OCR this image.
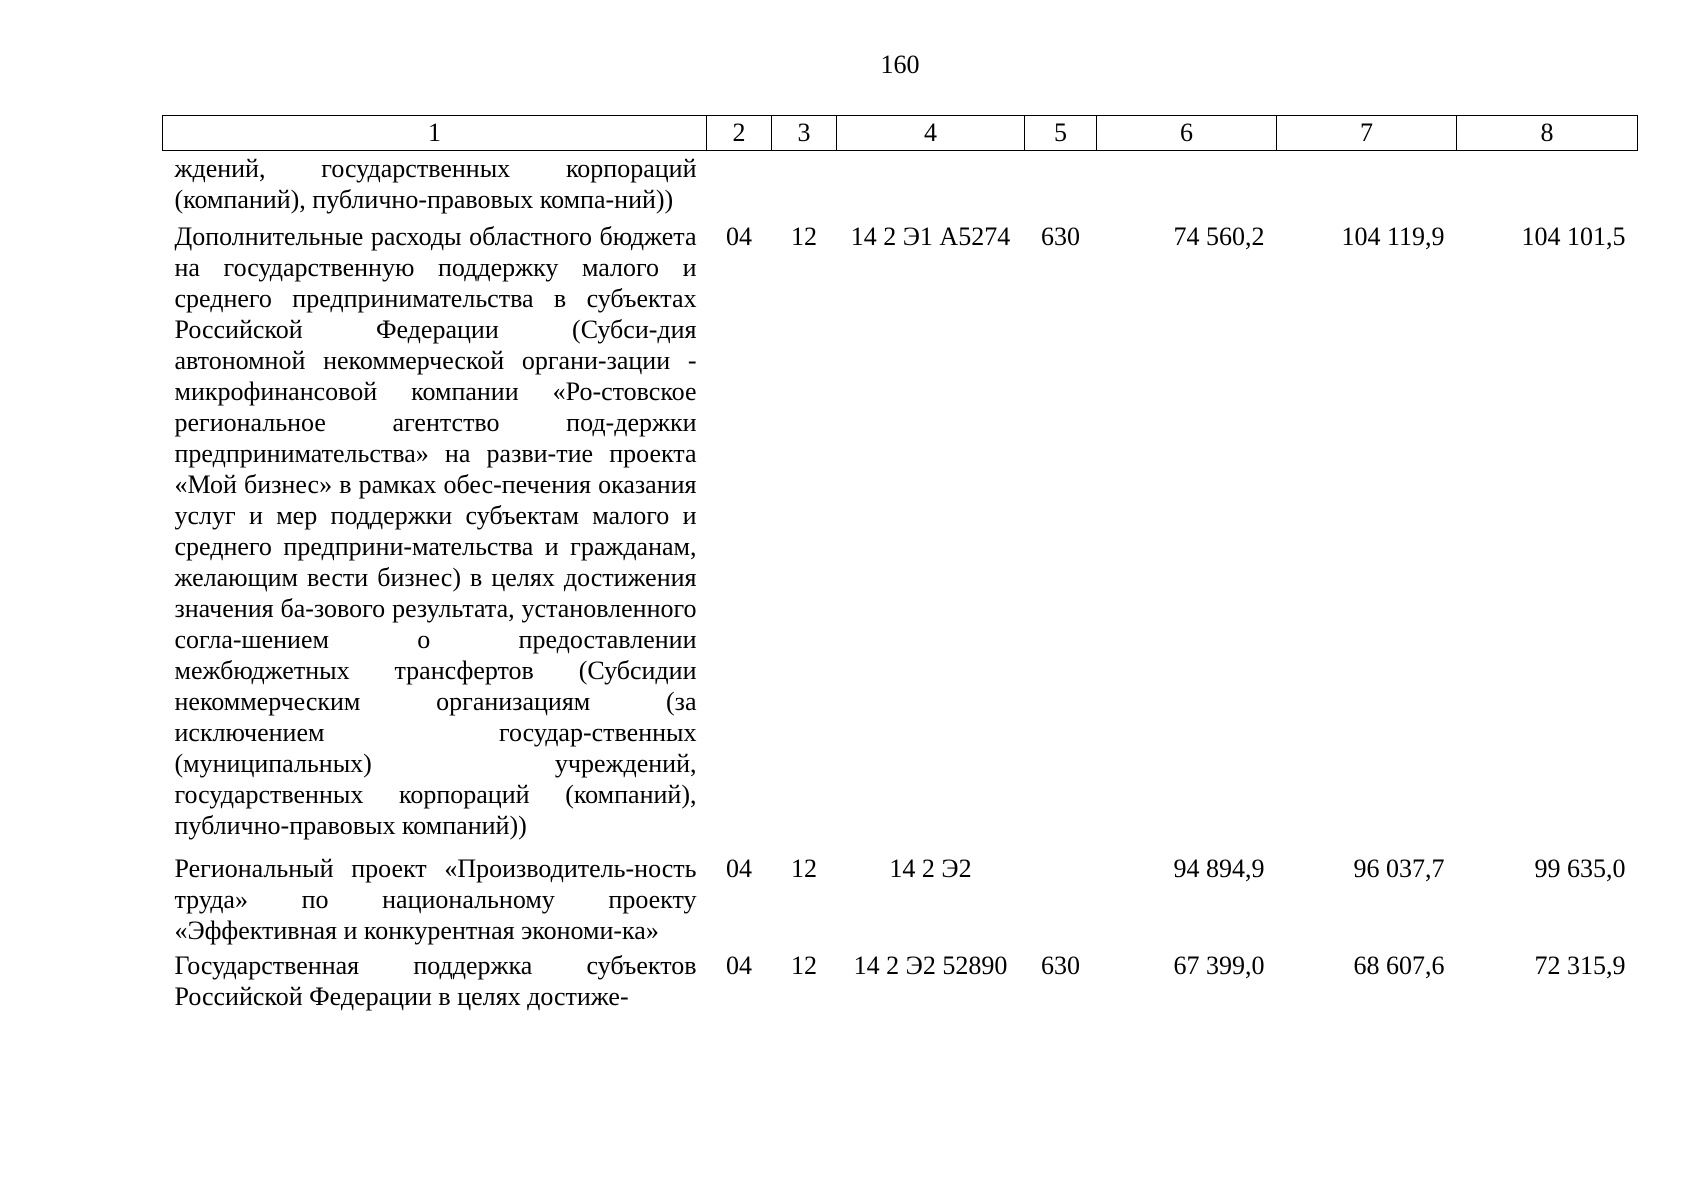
160
1	2	3	4	5	6	7	8
ждений, государственных корпораций (компаний), публично-правовых компа-ний))							
Дополнительные расходы областного бюджета на государственную поддержку малого и среднего предпринимательства в субъектах Российской Федерации (Субси-дия автономной некоммерческой органи-зации - микрофинансовой компании «Ро-стовское региональное агентство под-держки предпринимательства» на разви-тие проекта «Мой бизнес» в рамках обес-печения оказания услуг и мер поддержки субъектам малого и среднего предприни-мательства и гражданам, желающим вести бизнес) в целях достижения значения ба-зового результата, установленного согла-шением о предоставлении межбюджетных трансфертов (Субсидии некоммерческим организациям (за исключением государ-ственных (муниципальных) учреждений, государственных корпораций (компаний), публично-правовых компаний))	04	12	14 2 Э1 А5274	630	74 560,2	104 119,9	104 101,5
Региональный проект «Производитель-ность труда» по национальному проекту «Эффективная и конкурентная экономи-ка»	04	12	14 2 Э2		94 894,9	96 037,7	99 635,0
Государственная поддержка субъектов Российской Федерации в целях достиже-	04	12	14 2 Э2 52890	630	67 399,0	68 607,6	72 315,9
